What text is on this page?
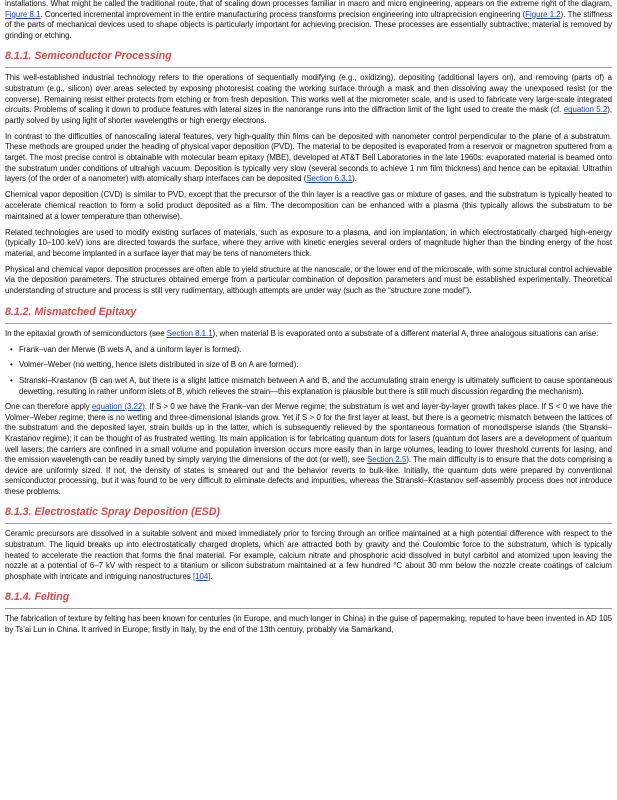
installations. What might be called the traditional route, that of scaling down processes familiar in macro and micro engineering, appears on the extreme right of the diagram, Figure 8.1. Concerted incremental improvement in the entire manufacturing process transforms precision engineering into ultraprecision engineering (Figure 1.2). The stiffness of the parts of mechanical devices used to shape objects is particularly important for achieving precision. These processes are essentially subtractive: material is removed by grinding or etching.

8.1.1. Semiconductor Processing

This well-established industrial technology refers to the operations of sequentially modifying (e.g., oxidizing), depositing (additional layers on), and removing (parts of) a substratum (e.g., silicon) over areas selected by exposing photoresist coating the working surface through a mask and then dissolving away the unexposed resist (or the converse). Remaining resist either protects from etching or from fresh deposition. This works well at the micrometer scale, and is used to fabricate very large-scale integrated circuits. Problems of scaling it down to produce features with lateral sizes in the nanorange runs into the diffraction limit of the light used to create the mask (cf. equation 5.2), partly solved by using light of shorter wavelengths or high energy electrons.

In contrast to the difficulties of nanoscaling lateral features, very high-quality thin films can be deposited with nanometer control perpendicular to the plane of a substratum. These methods are grouped under the heading of physical vapor deposition (PVD). The material to be deposited is evaporated from a reservoir or magnetron sputtered from a target. The most precise control is obtainable with molecular beam epitaxy (MBE), developed at AT&T Bell Laboratories in the late 1960s: evaporated material is beamed onto the substratum under conditions of ultrahigh vacuum. Deposition is typically very slow (several seconds to achieve 1 nm film thickness) and hence can be epitaxial. Ultrathin layers (of the order of a nanometer) with atomically sharp interfaces can be deposited (Section 6.3.1).

Chemical vapor deposition (CVD) is similar to PVD, except that the precursor of the thin layer is a reactive gas or mixture of gases, and the substratum is typically heated to accelerate chemical reaction to form a solid product deposited as a film. The decomposition can be enhanced with a plasma (this typically allows the substratum to be maintained at a lower temperature than otherwise).

Related technologies are used to modify existing surfaces of materials, such as exposure to a plasma, and ion implantation, in which electrostatically charged high-energy (typically 10–100 keV) ions are directed towards the surface, where they arrive with kinetic energies several orders of magnitude higher than the binding energy of the host material, and become implanted in a surface layer that may be tens of nanometers thick.

Physical and chemical vapor deposition processes are often able to yield structure at the nanoscale, or the lower end of the microscale, with some structural control achievable via the deposition parameters. The structures obtained emerge from a particular combination of deposition parameters and must be established experimentally. Theoretical understanding of structure and process is still very rudimentary, although attempts are under way (such as the “structure zone model”).

8.1.2. Mismatched Epitaxy

In the epitaxial growth of semiconductors (see Section 8.1.1), when material B is evaporated onto a substrate of a different material A, three analogous situations can arise:

• Frank–van der Merwe (B wets A, and a uniform layer is formed).
• Volmer–Weber (no wetting, hence islets distributed in size of B on A are formed).
• Stranski–Krastanov (B can wet A, but there is a slight lattice mismatch between A and B, and the accumulating strain energy is ultimately sufficient to cause spontaneous dewetting, resulting in rather uniform islets of B, which relieves the strain—this explanation is plausible but there is still much discussion regarding the mechanism).

One can therefore apply equation (3.22). If S > 0 we have the Frank–van der Merwe regime; the substratum is wet and layer-by-layer growth takes place. If S < 0 we have the Volmer–Weber regime; there is no wetting and three-dimensional islands grow. Yet if S > 0 for the first layer at least, but there is a geometric mismatch between the lattices of the substratum and the deposited layer, strain builds up in the latter, which is subsequently relieved by the spontaneous formation of monodisperse islands (the Stranski–Krastanov regime); it can be thought of as frustrated wetting. Its main application is for fabricating quantum dots for lasers (quantum dot lasers are a development of quantum well lasers; the carriers are confined in a small volume and population inversion occurs more easily than in large volumes, leading to lower threshold currents for lasing, and the emission wavelength can be readily tuned by simply varying the dimensions of the dot (or well), see Section 2.5). The main difficulty is to ensure that the dots comprising a device are uniformly sized. If not, the density of states is smeared out and the behavior reverts to bulk-like. Initially, the quantum dots were prepared by conventional semiconductor processing, but it was found to be very difficult to eliminate defects and impurities, whereas the Stranski–Krastanov self-assembly process does not introduce these problems.

8.1.3. Electrostatic Spray Deposition (ESD)

Ceramic precursors are dissolved in a suitable solvent and mixed immediately prior to forcing through an orifice maintained at a high potential difference with respect to the substratum. The liquid breaks up into electrostatically charged droplets, which are attracted both by gravity and the Coulombic force to the substratum, which is typically heated to accelerate the reaction that forms the final material. For example, calcium nitrate and phosphoric acid dissolved in butyl carbitol and atomized upon leaving the nozzle at a potential of 6–7 kV with respect to a titanium or silicon substratum maintained at a few hundred °C about 30 mm below the nozzle create coatings of calcium phosphate with intricate and intriguing nanostructures [104].

8.1.4. Felting

The fabrication of texture by felting has been known for centuries (in Europe, and much longer in China) in the guise of papermaking, reputed to have been invented in AD 105 by Ts’ai Lun in China. It arrived in Europe, firstly in Italy, by the end of the 13th century, probably via Samarkand,
